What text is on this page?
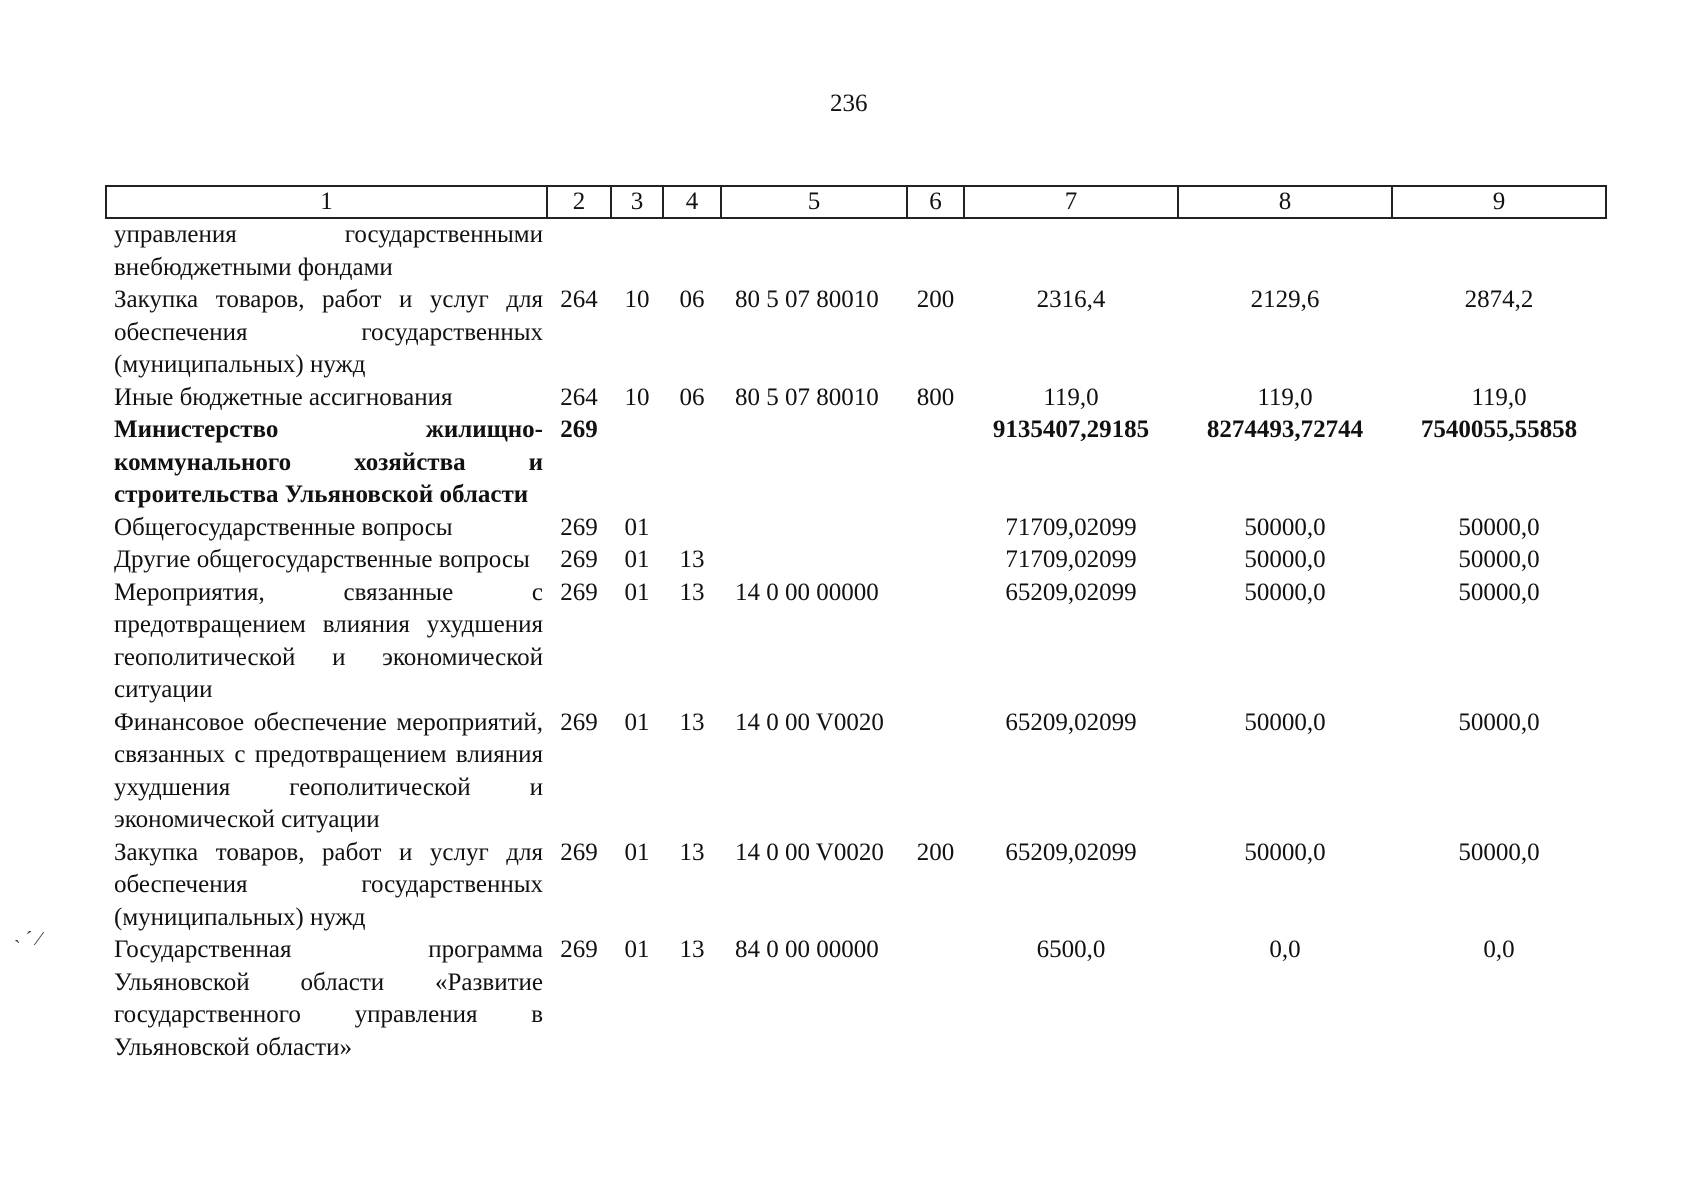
236
1	2	3	4	5	6	7	8	9
управления государственными внебюджетными фондами								
Закупка товаров, работ и услуг для обеспечения государственных (муниципальных) нужд	264	10	06	80 5 07 80010	200	2316,4	2129,6	2874,2
Иные бюджетные ассигнования	264	10	06	80 5 07 80010	800	119,0	119,0	119,0
Министерство жилищно-коммунального хозяйства и строительства Ульяновской области	269					9135407,29185	8274493,72744	7540055,55858
Общегосударственные вопросы	269	01				71709,02099	50000,0	50000,0
Другие общегосударственные вопросы	269	01	13			71709,02099	50000,0	50000,0
Мероприятия, связанные с предотвращением влияния ухудшения геополитической и экономической ситуации	269	01	13	14 0 00 00000		65209,02099	50000,0	50000,0
Финансовое обеспечение мероприятий, связанных с предотвращением влияния ухудшения геополитической и экономической ситуации	269	01	13	14 0 00 V0020		65209,02099	50000,0	50000,0
Закупка товаров, работ и услуг для обеспечения государственных (муниципальных) нужд	269	01	13	14 0 00 V0020	200	65209,02099	50000,0	50000,0
Государственная программа Ульяновской области «Развитие государственного управления в Ульяновской области»	269	01	13	84 0 00 00000		6500,0	0,0	0,0
˴ ˊ ⁄
